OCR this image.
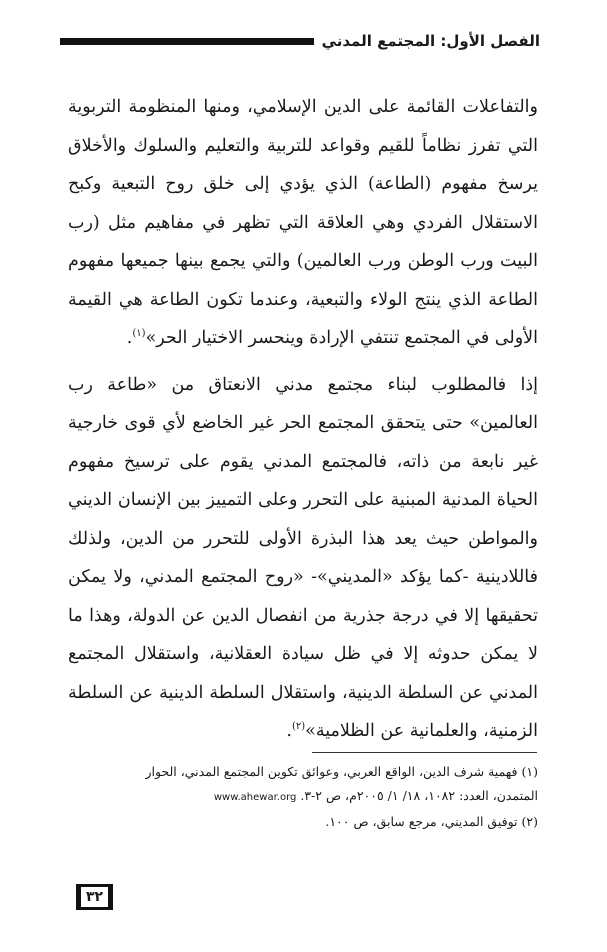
الفصل الأول: المجتمع المدني

والتفاعلات القائمة على الدين الإسلامي، ومنها المنظومة التربوية التي تفرز نظاماً للقيم وقواعد للتربية والتعليم والسلوك والأخلاق يرسخ مفهوم (الطاعة) الذي يؤدي إلى خلق روح التبعية وكبح الاستقلال الفردي وهي العلاقة التي تظهر في مفاهيم مثل (رب البيت ورب الوطن ورب العالمين) والتي يجمع بينها جميعها مفهوم الطاعة الذي ينتج الولاء والتبعية، وعندما تكون الطاعة هي القيمة الأولى في المجتمع تنتفي الإرادة وينحسر الاختيار الحر»$^{(١)}$.

إذا فالمطلوب لبناء مجتمع مدني الانعتاق من «طاعة رب العالمين» حتى يتحقق المجتمع الحر غير الخاضع لأي قوى خارجية غير نابعة من ذاته، فالمجتمع المدني يقوم على ترسيخ مفهوم الحياة المدنية المبنية على التحرر وعلى التمييز بين الإنسان الديني والمواطن حيث يعد هذا البذرة الأولى للتحرر من الدين، ولذلك فاللادينية -كما يؤكد «المديني»- «روح المجتمع المدني، ولا يمكن تحقيقها إلا في درجة جذرية من انفصال الدين عن الدولة، وهذا ما لا يمكن حدوثه إلا في ظل سيادة العقلانية، واستقلال المجتمع المدني عن السلطة الدينية، واستقلال السلطة الدينية عن السلطة الزمنية، والعلمانية عن الظلامية»$^{(٢)}$.

(١) فهمية شرف الدين، الواقع العربي، وعوائق تكوين المجتمع المدني، الحوار

المتمدن، العدد: ١٠٨٢، ١٨/ ١/ ٢٠٠٥م، ص ٢-٣. www.ahewar.org

(٢) توفيق المديني، مرجع سابق، ص ١٠٠.

٣٢
